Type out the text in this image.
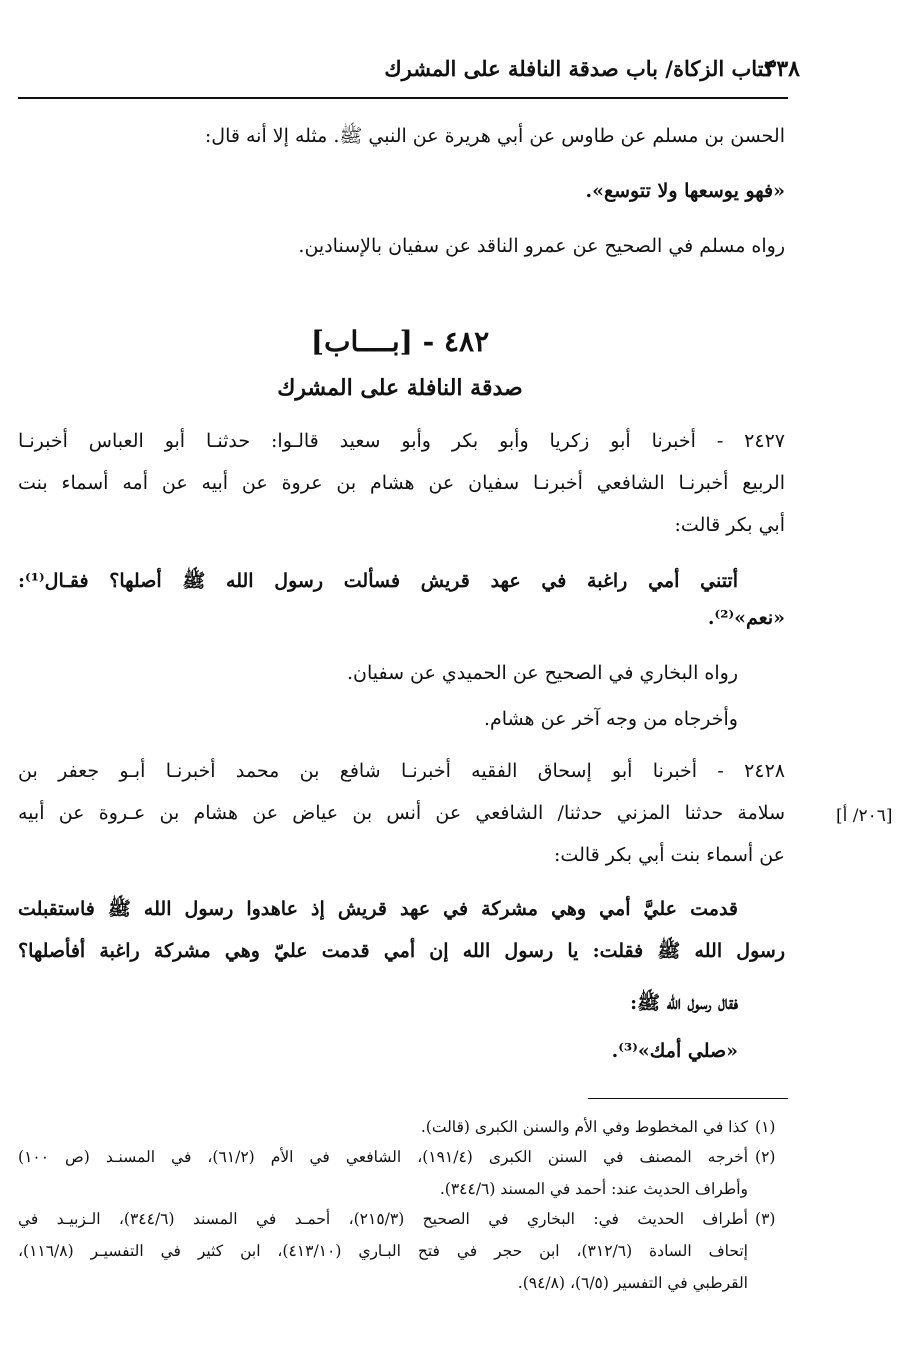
كتاب الزكاة/ باب صدقة النافلة على المشرك
٣٣٨
الحسن بن مسلم عن طاوس عن أبي هريرة عن النبي ﷺ. مثله إلا أنه قال:
«فهو يوسعها ولا تتوسع».
رواه مسلم في الصحيح عن عمرو الناقد عن سفيان بالإسنادين.
٤٨٢ - [بــــاب]
صدقة النافلة على المشرك
٢٤٢٧ - أخبرنا أبو زكريا وأبو بكر وأبو سعيد قالـوا: حدثنـا أبو العباس أخبرنـا
الربيع أخبرنـا الشافعي أخبرنـا سفيان عن هشام بن عروة عن أبيه عن أمه أسماء بنت
أبي بكر قالت:
أتتني أمي راغبة في عهد قريش فسألت رسول الله ﷺ أصلها؟ فقـال⁽¹⁾:
«نعم»⁽²⁾.
رواه البخاري في الصحيح عن الحميدي عن سفيان.
وأخرجاه من وجه آخر عن هشام.
٢٤٢٨ - أخبرنا أبو إسحاق الفقيه أخبرنـا شافع بن محمد أخبرنـا أبـو جعفر بن
سلامة حدثنا المزني حدثنا/ الشافعي عن أنس بن عياض عن هشام بن عـروة عن أبيه
عن أسماء بنت أبي بكر قالت:
[٢٠٦/ أ]
قدمت عليَّ أمي وهي مشركة في عهد قريش إذ عاهدوا رسول الله ﷺ فاستقبلت
رسول الله ﷺ فقلت: يا رسول الله إن أمي قدمت عليّ وهي مشركة راغبة أفأصلها؟
فقال رسول الله ﷺ:
«صلي أمك»⁽³⁾.
(١)
كذا في المخطوط وفي الأم والسنن الكبرى (قالت).
(٢)
أخرجه المصنف في السنن الكبرى (١٩١/٤)، الشافعي في الأم (٦١/٢)، في المسنـد (ص ١٠٠)
وأطراف الحديث عند: أحمد في المسند (٣٤٤/٦).
(٣)
أطراف الحديث في: البخاري في الصحيح (٢١٥/٣)، أحمـد في المسند (٣٤٤/٦)، الـزبيـد في
إتحاف السادة (٣١٢/٦)، ابن حجر في فتح البـاري (٤١٣/١٠)، ابن كثير في التفسيـر (١١٦/٨)،
القرطبي في التفسير (٦/٥)، (٩٤/٨).
